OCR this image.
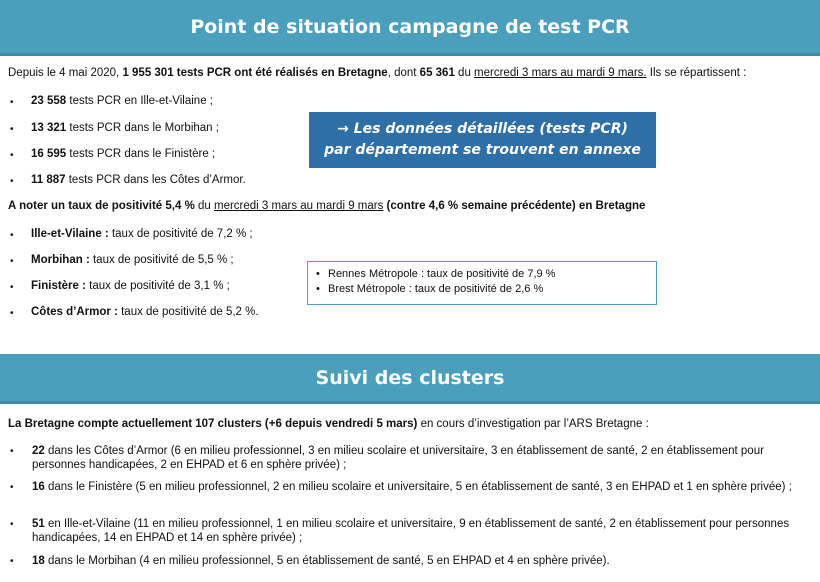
Point de situation campagne de test PCR
Depuis le 4 mai 2020, 1 955 301 tests PCR ont été réalisés en Bretagne, dont 65 361 du mercredi 3 mars au mardi 9 mars. Ils se répartissent :
• 23 558 tests PCR en Ille-et-Vilaine ;
• 13 321 tests PCR dans le Morbihan ;
• 16 595 tests PCR dans le Finistère ;
• 11 887 tests PCR dans les Côtes d’Armor.
→ Les données détaillées (tests PCR)
par département se trouvent en annexe
A noter un taux de positivité 5,4 % du mercredi 3 mars au mardi 9 mars (contre 4,6 % semaine précédente) en Bretagne
• Ille-et-Vilaine : taux de positivité de 7,2 % ;
• Morbihan : taux de positivité de 5,5 % ;
• Finistère : taux de positivité de 3,1 % ;
• Côtes d’Armor : taux de positivité de 5,2 %.
• Rennes Métropole : taux de positivité de 7,9 %
• Brest Métropole : taux de positivité de 2,6 %
Suivi des clusters
La Bretagne compte actuellement 107 clusters (+6 depuis vendredi 5 mars) en cours d’investigation par l’ARS Bretagne :
• 22 dans les Côtes d’Armor (6 en milieu professionnel, 3 en milieu scolaire et universitaire, 3 en établissement de santé, 2 en établissement pour personnes handicapées, 2 en EHPAD et 6 en sphère privée) ;
• 16 dans le Finistère (5 en milieu professionnel, 2 en milieu scolaire et universitaire, 5 en établissement de santé, 3 en EHPAD et 1 en sphère privée) ;
• 51 en Ille-et-Vilaine (11 en milieu professionnel, 1 en milieu scolaire et universitaire, 9 en établissement de santé, 2 en établissement pour personnes handicapées, 14 en EHPAD et 14 en sphère privée) ;
• 18 dans le Morbihan (4 en milieu professionnel, 5 en établissement de santé, 5 en EHPAD et 4 en sphère privée).
